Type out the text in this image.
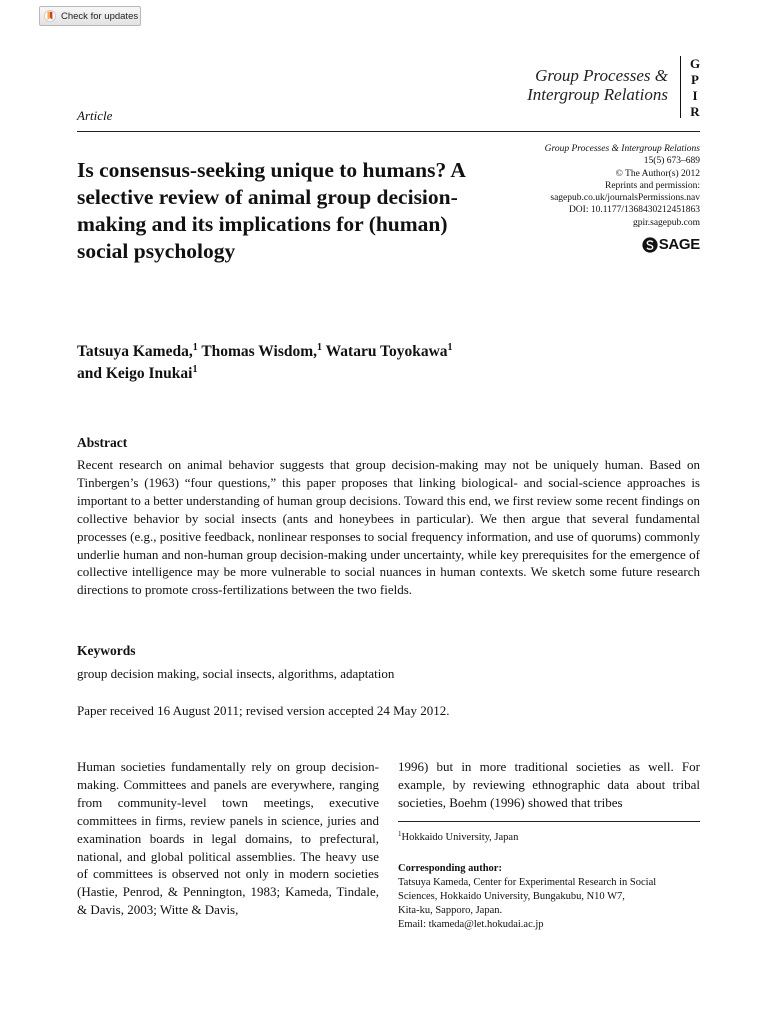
Check for updates
Group Processes &
Intergroup Relations
G
P
I
R
Article
Group Processes & Intergroup Relations
15(5) 673–689
© The Author(s) 2012
Reprints and permission:
sagepub.co.uk/journalsPermissions.nav
DOI: 10.1177/1368430212451863
gpir.sagepub.com
SAGE
Is consensus-seeking unique to humans? A selective review of animal group decision-making and its implications for (human) social psychology
Tatsuya Kameda,$^1$ Thomas Wisdom,$^1$ Wataru Toyokawa$^1$
and Keigo Inukai$^1$
Abstract
Recent research on animal behavior suggests that group decision-making may not be uniquely human. Based on Tinbergen’s (1963) “four questions,” this paper proposes that linking biological- and social-science approaches is important to a better understanding of human group decisions. Toward this end, we first review some recent findings on collective behavior by social insects (ants and honeybees in particular). We then argue that several fundamental processes (e.g., positive feedback, nonlinear responses to social frequency information, and use of quorums) commonly underlie human and non-human group decision-making under uncertainty, while key prerequisites for the emergence of collective intelligence may be more vulnerable to social nuances in human contexts. We sketch some future research directions to promote cross-fertilizations between the two fields.
Keywords
group decision making, social insects, algorithms, adaptation
Paper received 16 August 2011; revised version accepted 24 May 2012.
Human societies fundamentally rely on group decision-making. Committees and panels are everywhere, ranging from community-level town meetings, executive committees in firms, review panels in science, juries and examination boards in legal domains, to prefectural, national, and global political assemblies. The heavy use of committees is observed not only in modern societies (Hastie, Penrod, & Pennington, 1983; Kameda, Tindale, & Davis, 2003; Witte & Davis,
1996) but in more traditional societies as well. For example, by reviewing ethnographic data about tribal societies, Boehm (1996) showed that tribes
$^1$Hokkaido University, Japan
Corresponding author:
Tatsuya Kameda, Center for Experimental Research in Social
Sciences, Hokkaido University, Bungakubu, N10 W7,
Kita-ku, Sapporo, Japan.
Email: tkameda@let.hokudai.ac.jp
